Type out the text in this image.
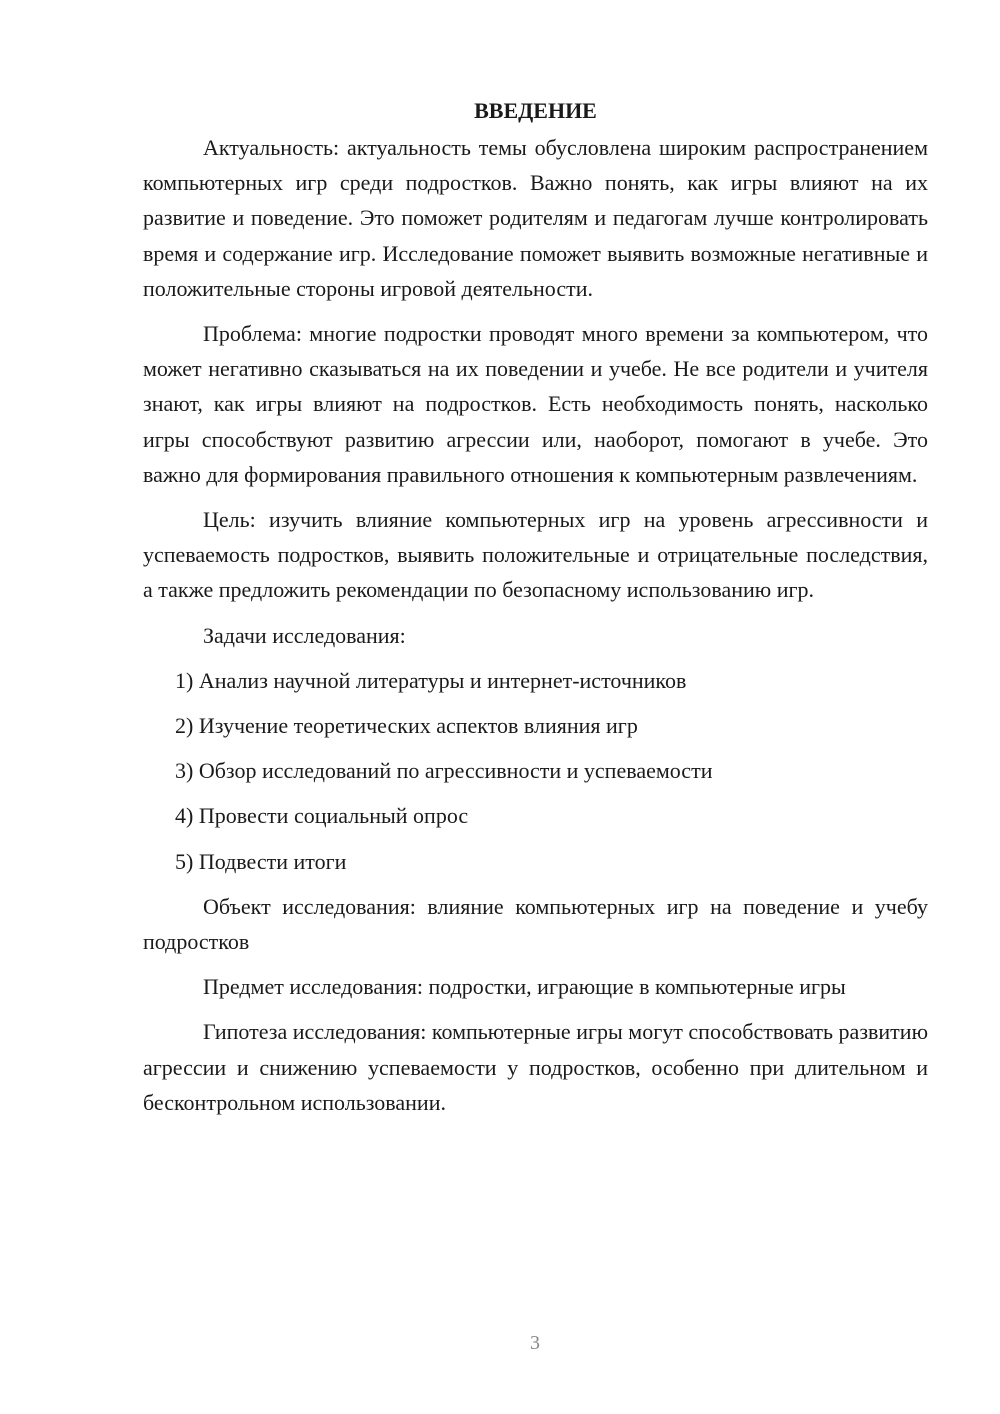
ВВЕДЕНИЕ

Актуальность: актуальность темы обусловлена широким распространением компьютерных игр среди подростков. Важно понять, как игры влияют на их развитие и поведение. Это поможет родителям и педагогам лучше контролировать время и содержание игр. Исследование поможет выявить возможные негативные и положительные стороны игровой деятельности.

Проблема: многие подростки проводят много времени за компьютером, что может негативно сказываться на их поведении и учебе. Не все родители и учителя знают, как игры влияют на подростков. Есть необходимость понять, насколько игры способствуют развитию агрессии или, наоборот, помогают в учебе. Это важно для формирования правильного отношения к компьютерным развлечениям.

Цель: изучить влияние компьютерных игр на уровень агрессивности и успеваемость подростков, выявить положительные и отрицательные последствия, а также предложить рекомендации по безопасному использованию игр.

Задачи исследования:

1) Анализ научной литературы и интернет-источников
2) Изучение теоретических аспектов влияния игр
3) Обзор исследований по агрессивности и успеваемости
4) Провести социальный опрос
5) Подвести итоги

Объект исследования: влияние компьютерных игр на поведение и учебу подростков

Предмет исследования: подростки, играющие в компьютерные игры

Гипотеза исследования: компьютерные игры могут способствовать развитию агрессии и снижению успеваемости у подростков, особенно при длительном и бесконтрольном использовании.

3
